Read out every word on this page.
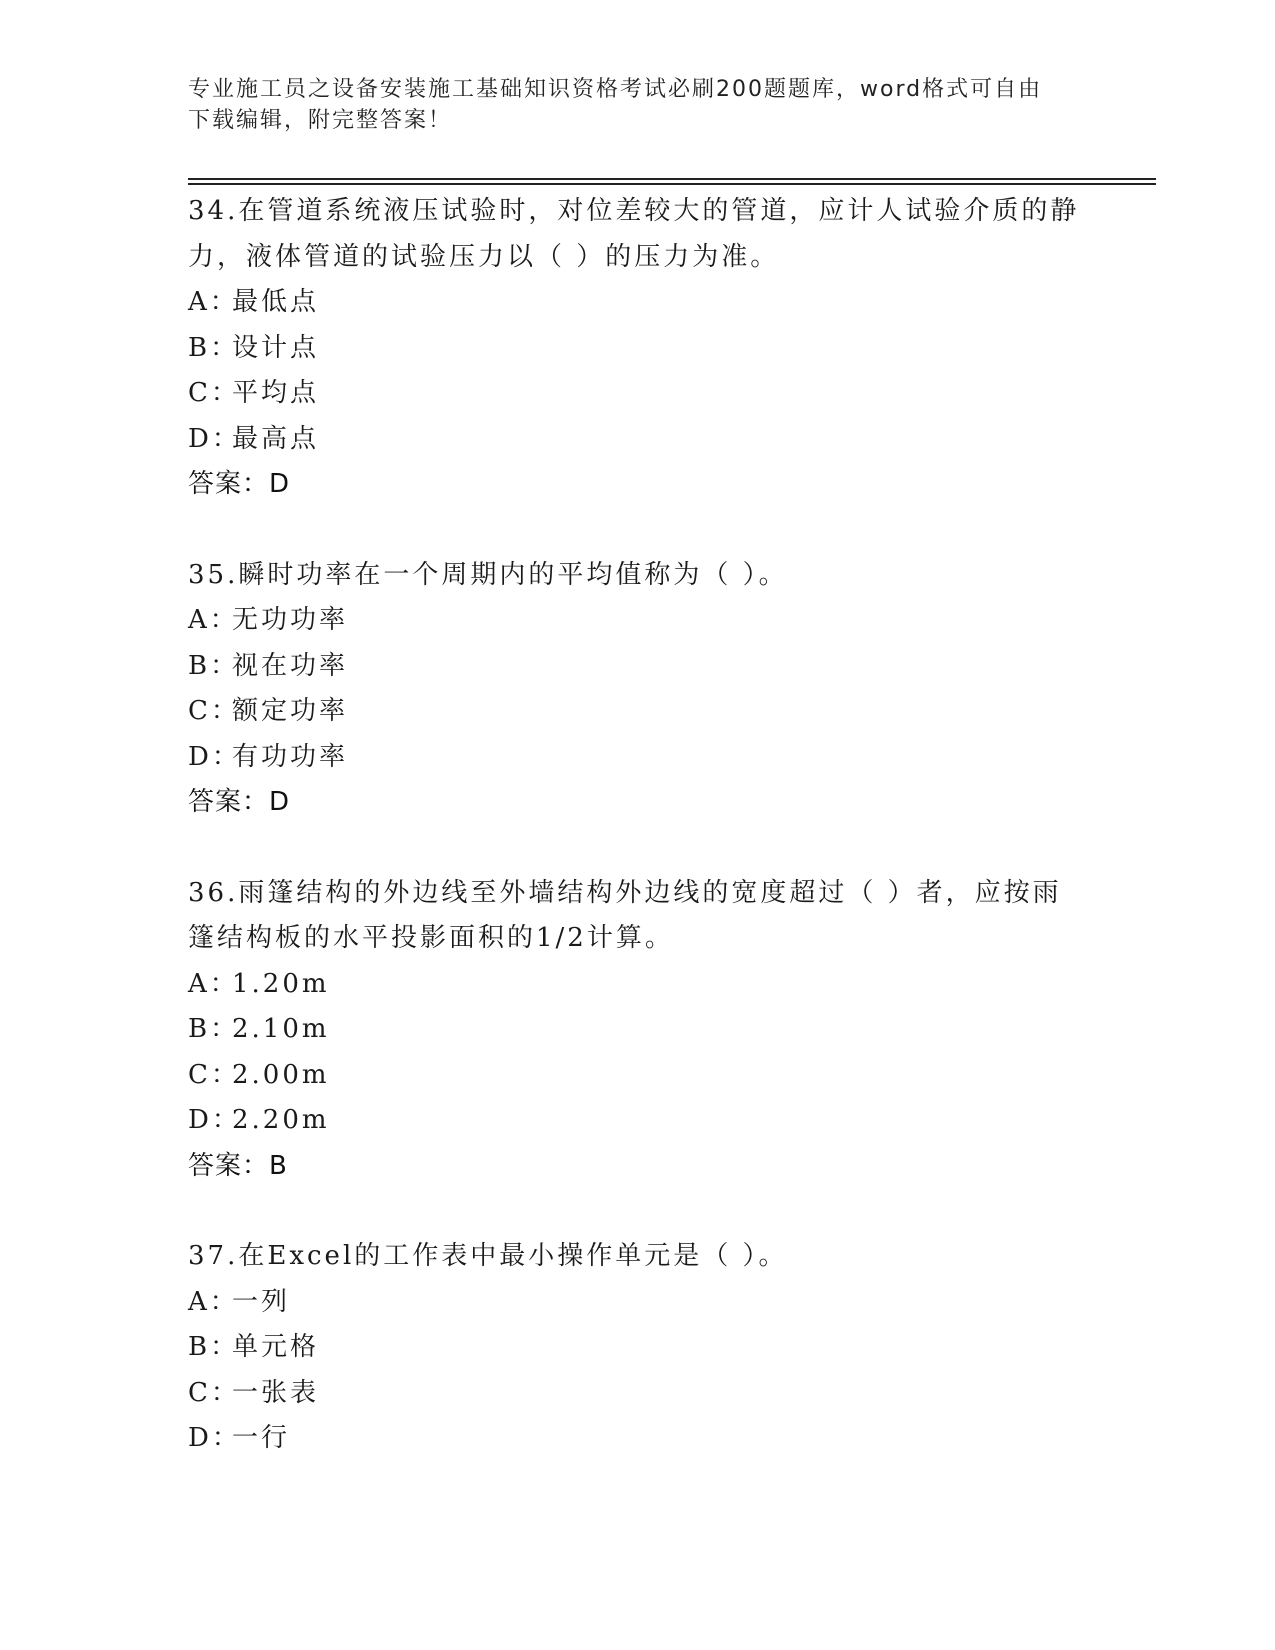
专业施工员之设备安装施工基础知识资格考试必刷200题题库，word格式可自由
下载编辑，附完整答案！
34.在管道系统液压试验时，对位差较大的管道，应计人试验介质的静
力，液体管道的试验压力以（ ）的压力为准。
A：最低点
B：设计点
C：平均点
D：最高点
答案：D
35.瞬时功率在一个周期内的平均值称为（ ）。
A：无功功率
B：视在功率
C：额定功率
D：有功功率
答案：D
36.雨篷结构的外边线至外墙结构外边线的宽度超过（ ）者，应按雨
篷结构板的水平投影面积的1/2计算。
A：1.20m
B：2.10m
C：2.00m
D：2.20m
答案：B
37.在Excel的工作表中最小操作单元是（ ）。
A：一列
B：单元格
C：一张表
D：一行
